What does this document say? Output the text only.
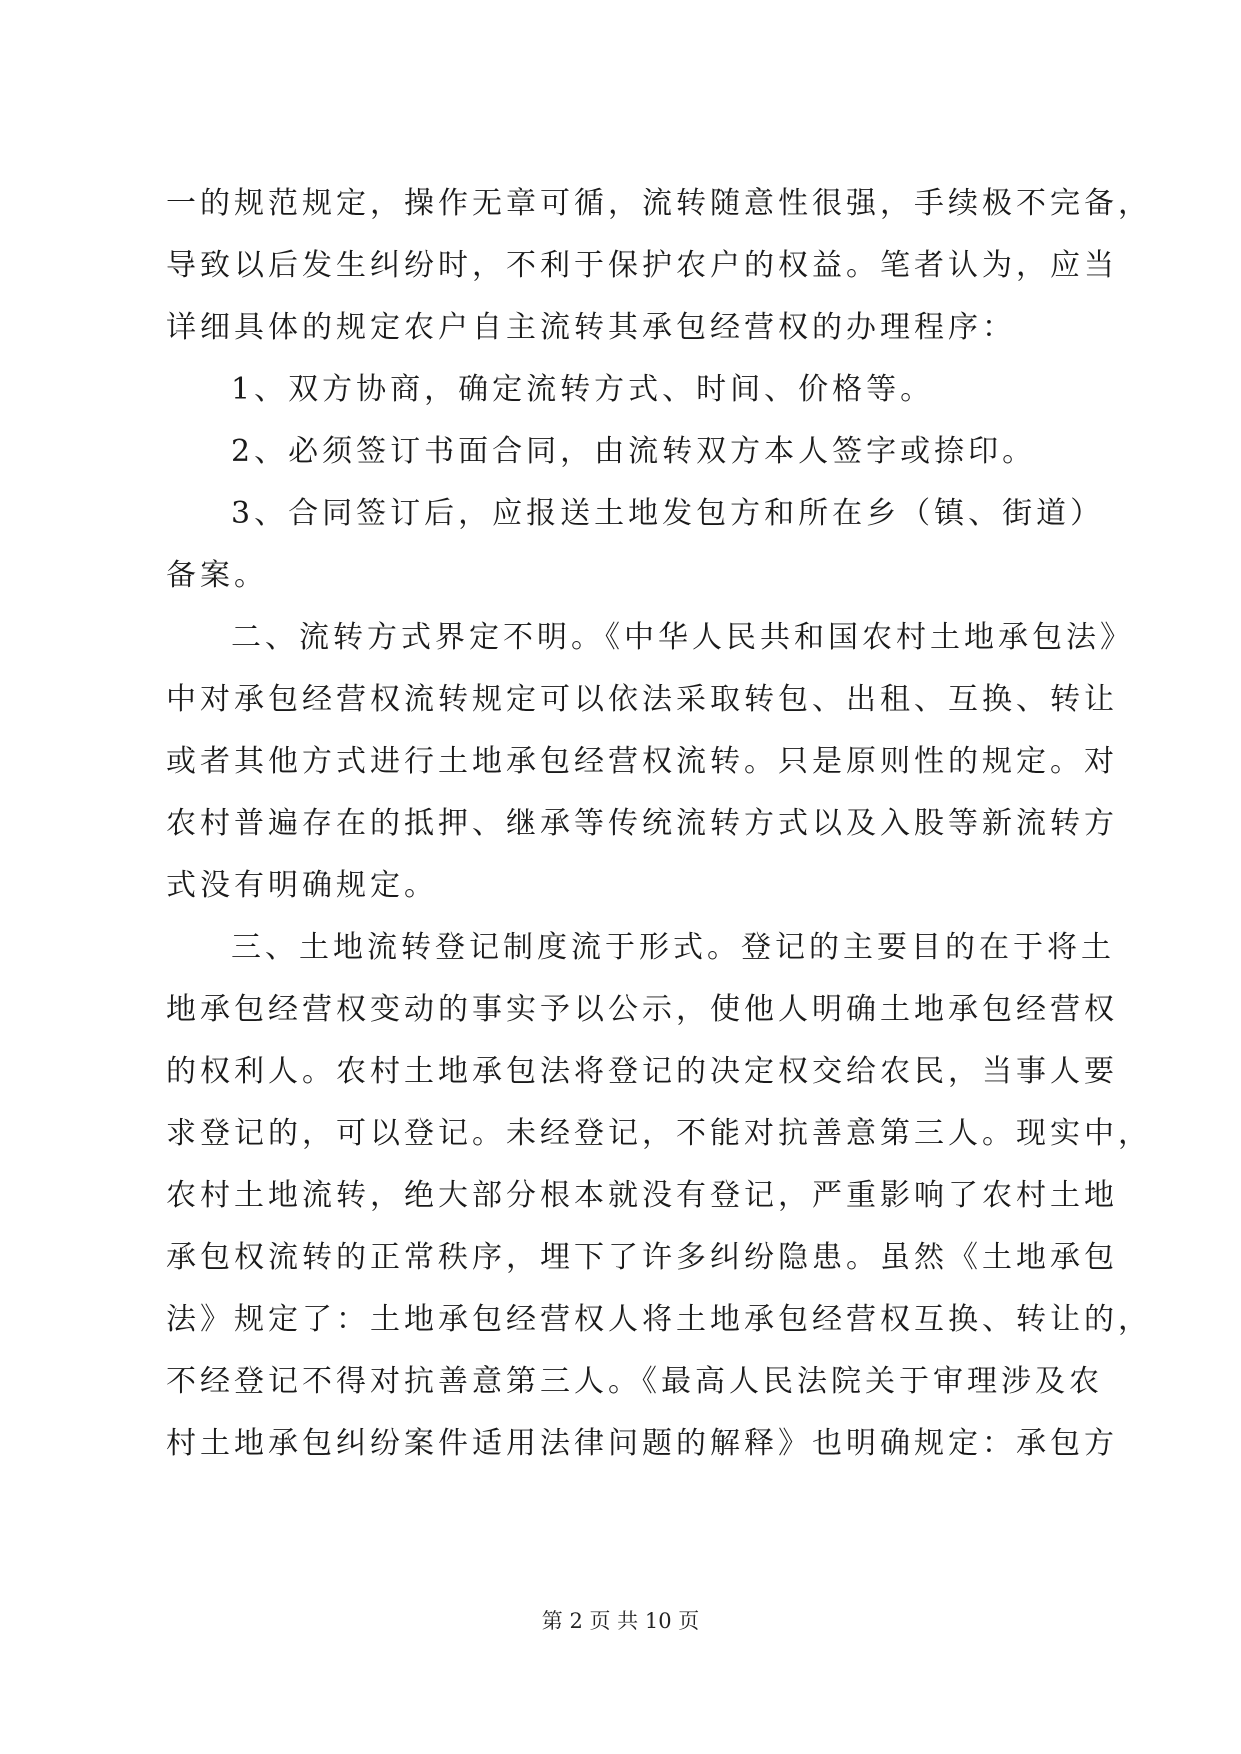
一的规范规定，操作无章可循，流转随意性很强，手续极不完备，
导致以后发生纠纷时，不利于保护农户的权益。笔者认为，应当
详细具体的规定农户自主流转其承包经营权的办理程序：
1、双方协商，确定流转方式、时间、价格等。
2、必须签订书面合同，由流转双方本人签字或捺印。
3、合同签订后，应报送土地发包方和所在乡（镇、街道）
备案。
二、流转方式界定不明。《中华人民共和国农村土地承包法》
中对承包经营权流转规定可以依法采取转包、出租、互换、转让
或者其他方式进行土地承包经营权流转。只是原则性的规定。对
农村普遍存在的抵押、继承等传统流转方式以及入股等新流转方
式没有明确规定。
三、土地流转登记制度流于形式。登记的主要目的在于将土
地承包经营权变动的事实予以公示，使他人明确土地承包经营权
的权利人。农村土地承包法将登记的决定权交给农民，当事人要
求登记的，可以登记。未经登记，不能对抗善意第三人。现实中，
农村土地流转，绝大部分根本就没有登记，严重影响了农村土地
承包权流转的正常秩序，埋下了许多纠纷隐患。虽然《土地承包
法》规定了：土地承包经营权人将土地承包经营权互换、转让的，
不经登记不得对抗善意第三人。《最高人民法院关于审理涉及农
村土地承包纠纷案件适用法律问题的解释》也明确规定：承包方
第 2 页 共 10 页
